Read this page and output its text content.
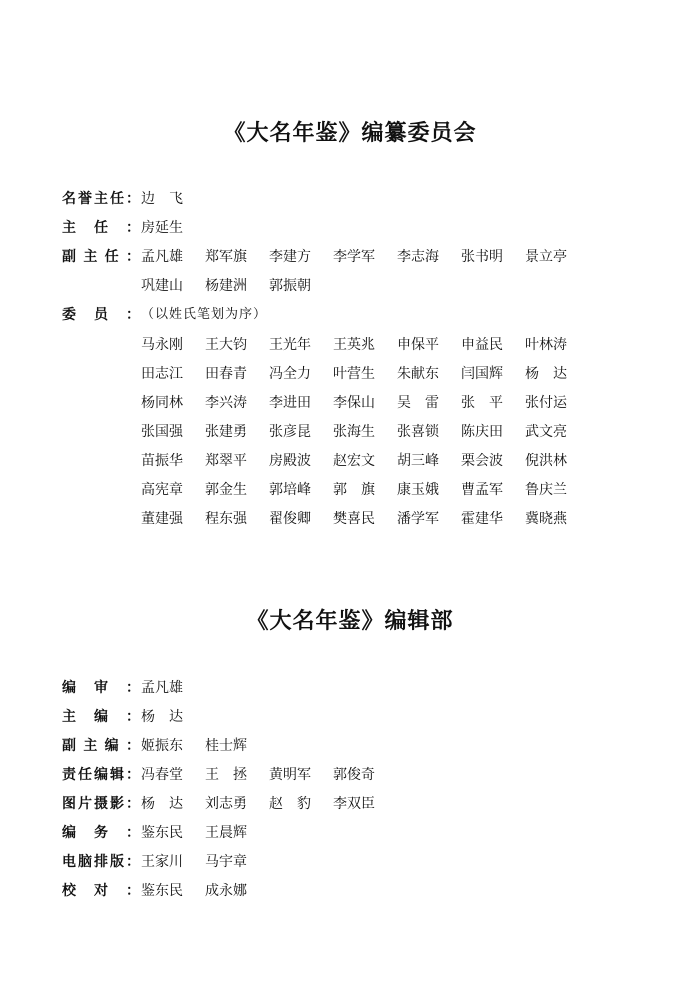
《大名年鉴》编纂委员会
名 誉 主 任 ： 边　飞
主 任 ： 房延生
副 主 任 ： 孟凡雄 郑军旗 李建方 李学军 李志海 张书明 景立亭
巩建山 杨建洲 郭振朝
委 员 ： （以姓氏笔划为序）
马永刚 王大钧 王光年 王英兆 申保平 申益民 叶林涛
田志江 田春青 冯全力 叶营生 朱献东 闫国辉 杨　达
杨同林 李兴涛 李进田 李保山 吴　雷 张　平 张付运
张国强 张建勇 张彦昆 张海生 张喜锁 陈庆田 武文亮
苗振华 郑翠平 房殿波 赵宏文 胡三峰 栗会波 倪洪林
高宪章 郭金生 郭培峰 郭　旗 康玉娥 曹孟军 鲁庆兰
董建强 程东强 翟俊卿 樊喜民 潘学军 霍建华 冀晓燕
《大名年鉴》编辑部
编 审 ： 孟凡雄
主 编 ： 杨　达
副 主 编 ： 姬振东 桂士辉
责 任 编 辑 ： 冯春堂 王　拯 黄明军 郭俊奇
图 片 摄 影 ： 杨　达 刘志勇 赵　豹 李双臣
编 务 ： 鉴东民 王晨辉
电 脑 排 版 ： 王家川 马宇章
校 对 ： 鉴东民 成永娜
